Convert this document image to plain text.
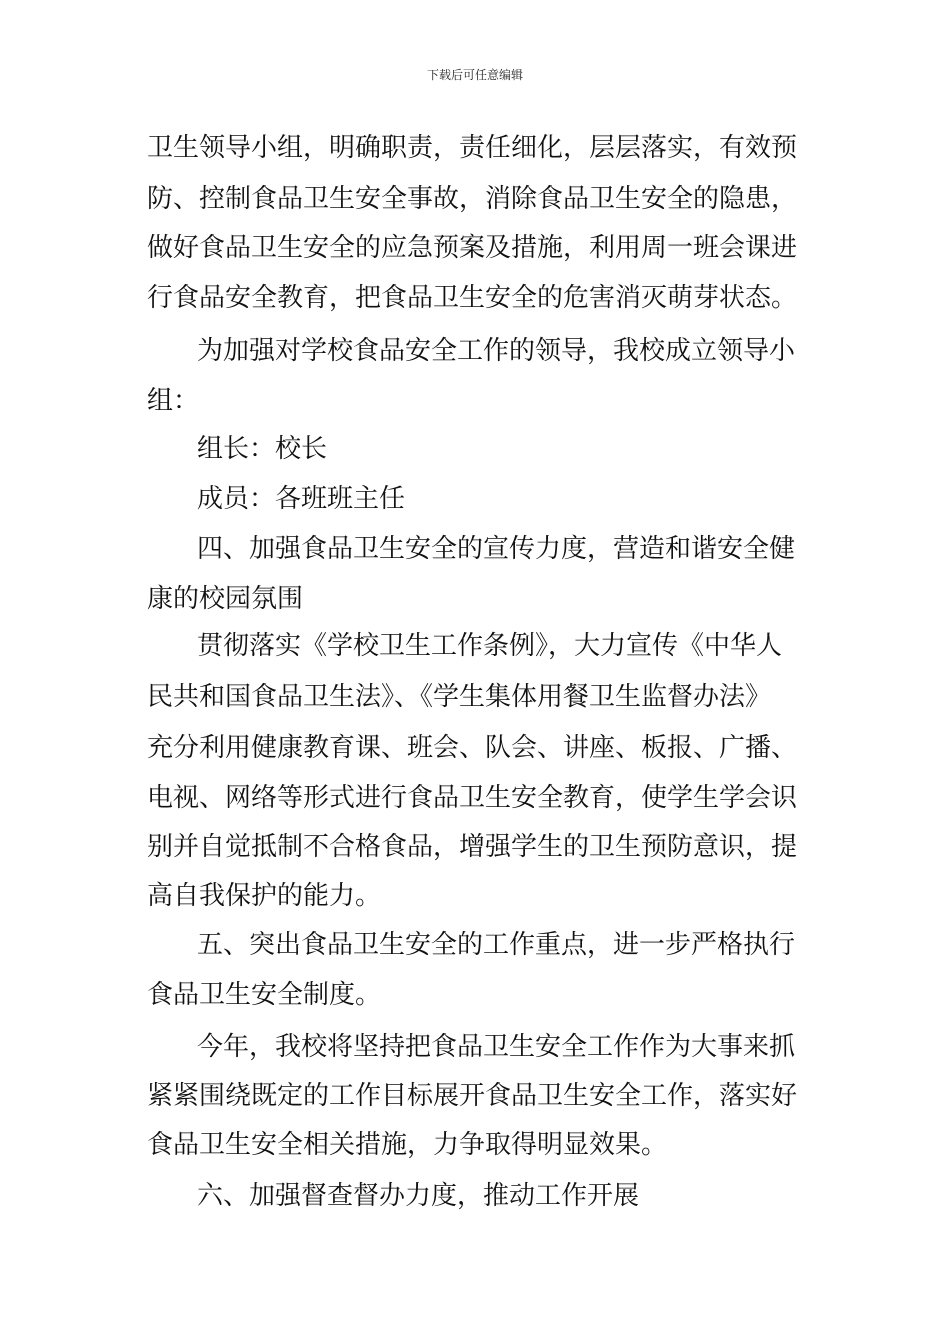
下载后可任意编辑
卫生领导小组，明确职责，责任细化，层层落实，有效预
防、控制食品卫生安全事故，消除食品卫生安全的隐患，
做好食品卫生安全的应急预案及措施，利用周一班会课进
行食品安全教育，把食品卫生安全的危害消灭萌芽状态。
为加强对学校食品安全工作的领导，我校成立领导小
组：
组长：校长
成员：各班班主任
四、加强食品卫生安全的宣传力度，营造和谐安全健
康的校园氛围
贯彻落实《学校卫生工作条例》，大力宣传《中华人
民共和国食品卫生法》、《学生集体用餐卫生监督办法》
充分利用健康教育课、班会、队会、讲座、板报、广播、
电视、网络等形式进行食品卫生安全教育，使学生学会识
别并自觉抵制不合格食品，增强学生的卫生预防意识，提
高自我保护的能力。
五、突出食品卫生安全的工作重点，进一步严格执行
食品卫生安全制度。
今年，我校将坚持把食品卫生安全工作作为大事来抓
紧紧围绕既定的工作目标展开食品卫生安全工作，落实好
食品卫生安全相关措施，力争取得明显效果。
六、加强督查督办力度，推动工作开展
